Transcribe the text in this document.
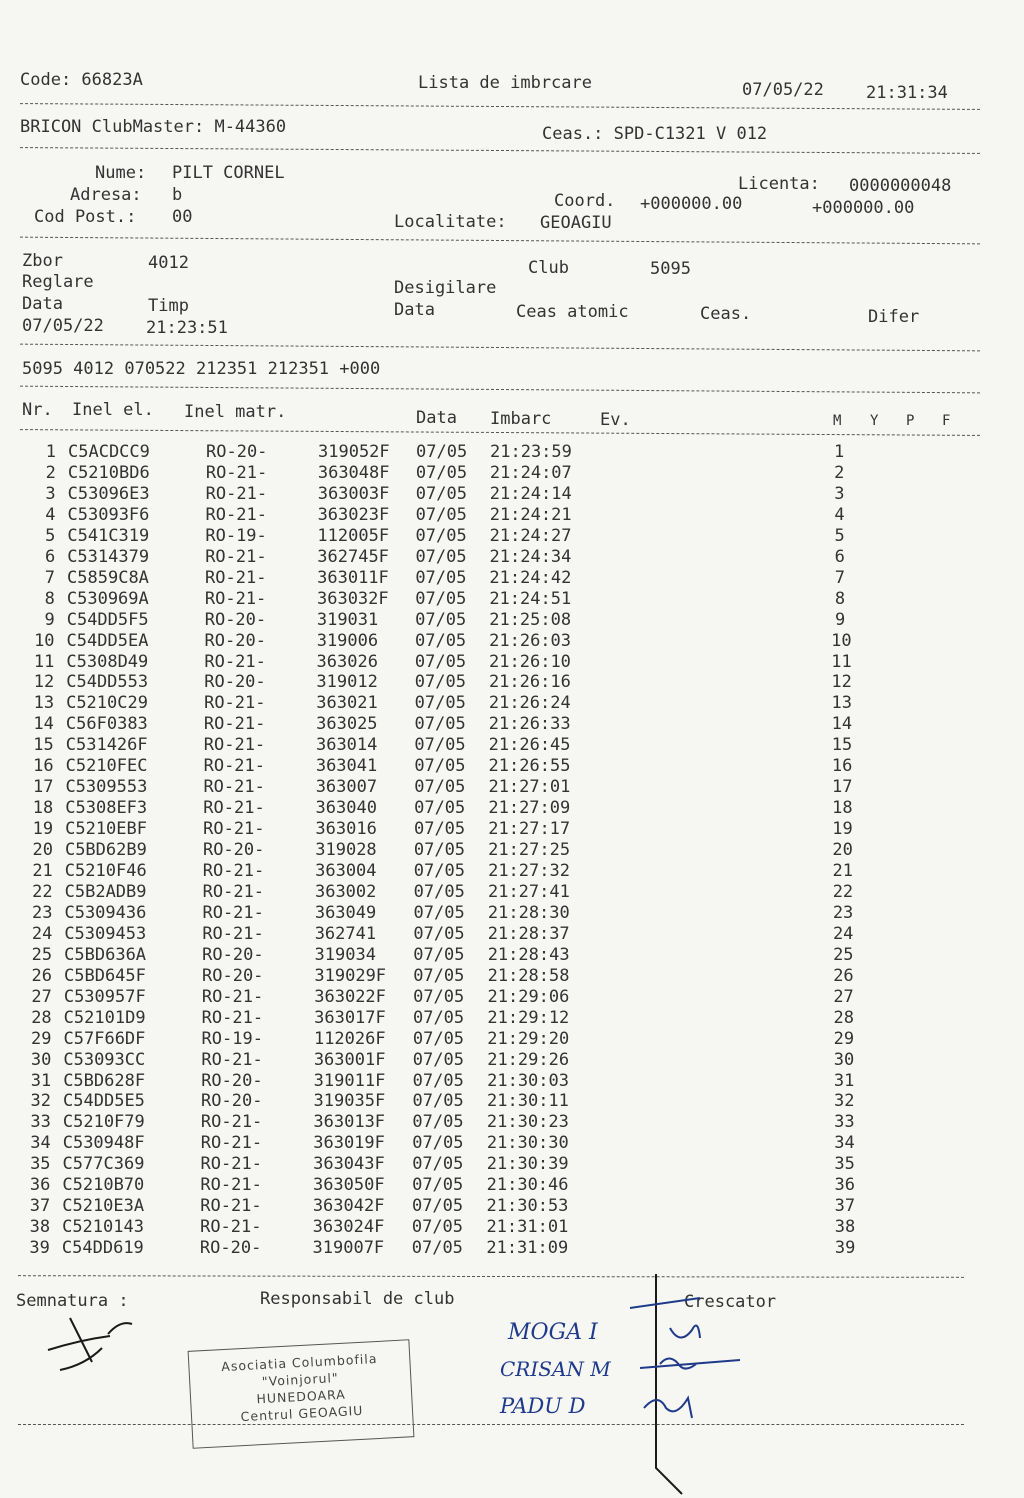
Code: 66823A	Lista de imbrcare	07/05/22 21:31:34
BRICON ClubMaster: M-44360	Ceas.: SPD-C1321 V 012
Nume: PILT CORNEL
Adresa: b
Cod Post.: 00
Licenta: 0000000048
Coord. +000000.00	+000000.00
Localitate: GEOAGIU
Zbor	4012	Club	5095
Reglare	Desigilare
Data	Timp	Data	Ceas atomic	Ceas.	Difer
07/05/22 21:23:51
5095 4012 070522 212351 212351 +000
Nr. Inel el. Inel matr.	Data Imbarc	Ev.	M Y P F
1 C5ACDCC9	RO-20-	319052F 07/05 21:23:59	1
2 C5210BD6	RO-21-	363048F 07/05 21:24:07	2
3 C53096E3	RO-21-	363003F 07/05 21:24:14	3
4 C53093F6	RO-21-	363023F 07/05 21:24:21	4
5 C541C319	RO-19-	112005F 07/05 21:24:27	5
6 C5314379	RO-21-	362745F 07/05 21:24:34	6
7 C5859C8A	RO-21-	363011F 07/05 21:24:42	7
8 C530969A	RO-21-	363032F 07/05 21:24:51	8
9 C54DD5F5	RO-20-	319031 07/05 21:25:08	9
10 C54DD5EA	RO-20-	319006 07/05 21:26:03	10
11 C5308D49	RO-21-	363026 07/05 21:26:10	11
12 C54DD553	RO-20-	319012 07/05 21:26:16	12
13 C5210C29	RO-21-	363021 07/05 21:26:24	13
14 C56F0383	RO-21-	363025 07/05 21:26:33	14
15 C531426F	RO-21-	363014 07/05 21:26:45	15
16 C5210FEC	RO-21-	363041 07/05 21:26:55	16
17 C5309553	RO-21-	363007 07/05 21:27:01	17
18 C5308EF3	RO-21-	363040 07/05 21:27:09	18
19 C5210EBF	RO-21-	363016 07/05 21:27:17	19
20 C5BD62B9	RO-20-	319028 07/05 21:27:25	20
21 C5210F46	RO-21-	363004 07/05 21:27:32	21
22 C5B2ADB9	RO-21-	363002 07/05 21:27:41	22
23 C5309436	RO-21-	363049 07/05 21:28:30	23
24 C5309453	RO-21-	362741 07/05 21:28:37	24
25 C5BD636A	RO-20-	319034 07/05 21:28:43	25
26 C5BD645F	RO-20-	319029F 07/05 21:28:58	26
27 C530957F	RO-21-	363022F 07/05 21:29:06	27
28 C52101D9	RO-21-	363017F 07/05 21:29:12	28
29 C57F66DF	RO-19-	112026F 07/05 21:29:20	29
30 C53093CC	RO-21-	363001F 07/05 21:29:26	30
31 C5BD628F	RO-20-	319011F 07/05 21:30:03	31
32 C54DD5E5	RO-20-	319035F 07/05 21:30:11	32
33 C5210F79	RO-21-	363013F 07/05 21:30:23	33
34 C530948F	RO-21-	363019F 07/05 21:30:30	34
35 C577C369	RO-21-	363043F 07/05 21:30:39	35
36 C5210B70	RO-21-	363050F 07/05 21:30:46	36
37 C5210E3A	RO-21-	363042F 07/05 21:30:53	37
38 C5210143	RO-21-	363024F 07/05 21:31:01	38
39 C54DD619	RO-20-	319007F 07/05 21:31:09	39
Semnatura :	Responsabil de club	Crescator
MOGA I
CRISAN M
PADU D
Asociatia Columbofila
"Voinjorul"
HUNEDOARA
Centrul GEOAGIU
